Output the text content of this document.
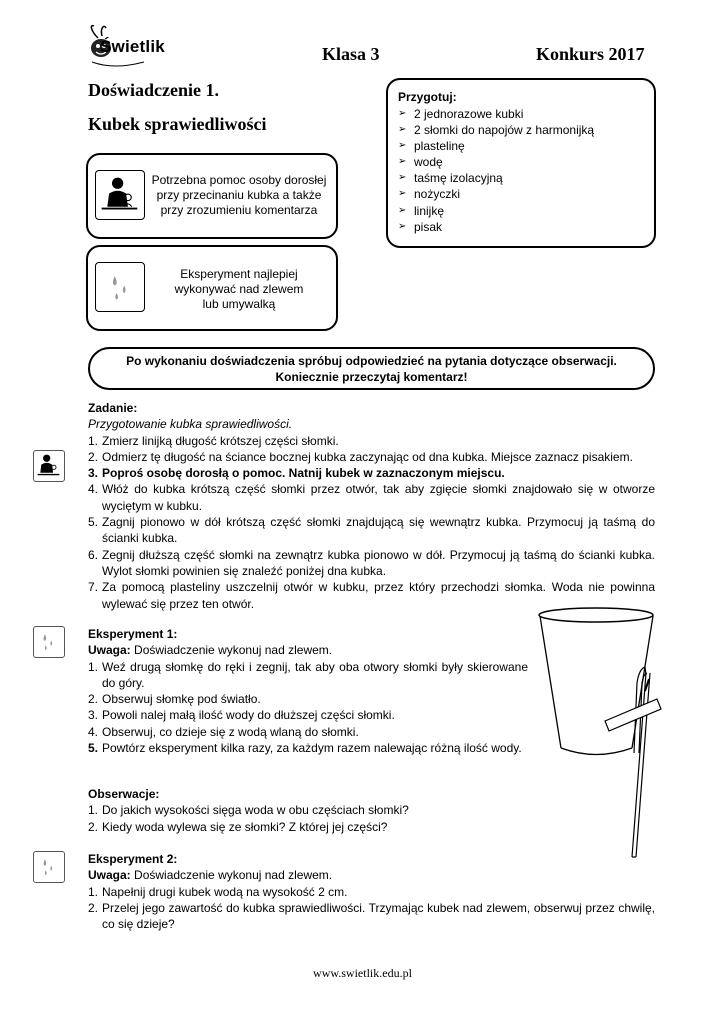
Świetlik	Klasa 3	Konkurs 2017
Doświadczenie 1.
Kubek sprawiedliwości
Potrzebna pomoc osoby dorosłej
przy przecinaniu kubka a także
przy zrozumieniu komentarza
Eksperyment najlepiej
wykonywać nad zlewem
lub umywalką
Przygotuj:
➢ 2 jednorazowe kubki
➢ 2 słomki do napojów z harmonijką
➢ plastelinę
➢ wodę
➢ taśmę izolacyjną
➢ nożyczki
➢ linijkę
➢ pisak
Po wykonaniu doświadczenia spróbuj odpowiedzieć na pytania dotyczące obserwacji.
Koniecznie przeczytaj komentarz!
Zadanie:
Przygotowanie kubka sprawiedliwości.
1. Zmierz linijką długość krótszej części słomki.
2. Odmierz tę długość na ściance bocznej kubka zaczynając od dna kubka. Miejsce zaznacz pisakiem.
3. Poproś osobę dorosłą o pomoc. Natnij kubek w zaznaczonym miejscu.
4. Włóż do kubka krótszą część słomki przez otwór, tak aby zgięcie słomki znajdowało się w otworze wyciętym w kubku.
5. Zagnij pionowo w dół krótszą część słomki znajdującą się wewnątrz kubka. Przymocuj ją taśmą do ścianki kubka.
6. Zegnij dłuższą część słomki na zewnątrz kubka pionowo w dół. Przymocuj ją taśmą do ścianki kubka. Wylot słomki powinien się znaleźć poniżej dna kubka.
7. Za pomocą plasteliny uszczelnij otwór w kubku, przez który przechodzi słomka. Woda nie powinna wylewać się przez ten otwór.
Eksperyment 1:
Uwaga: Doświadczenie wykonuj nad zlewem.
1. Weź drugą słomkę do ręki i zegnij, tak aby oba otwory słomki były skierowane do góry.
2. Obserwuj słomkę pod światło.
3. Powoli nalej małą ilość wody do dłuższej części słomki.
4. Obserwuj, co dzieje się z wodą wlaną do słomki.
5. Powtórz eksperyment kilka razy, za każdym razem nalewając różną ilość wody.
Obserwacje:
1. Do jakich wysokości sięga woda w obu częściach słomki?
2. Kiedy woda wylewa się ze słomki? Z której jej części?
Eksperyment 2:
Uwaga: Doświadczenie wykonuj nad zlewem.
1. Napełnij drugi kubek wodą na wysokość 2 cm.
2. Przelej jego zawartość do kubka sprawiedliwości. Trzymając kubek nad zlewem, obserwuj przez chwilę, co się dzieje?
www.swietlik.edu.pl
